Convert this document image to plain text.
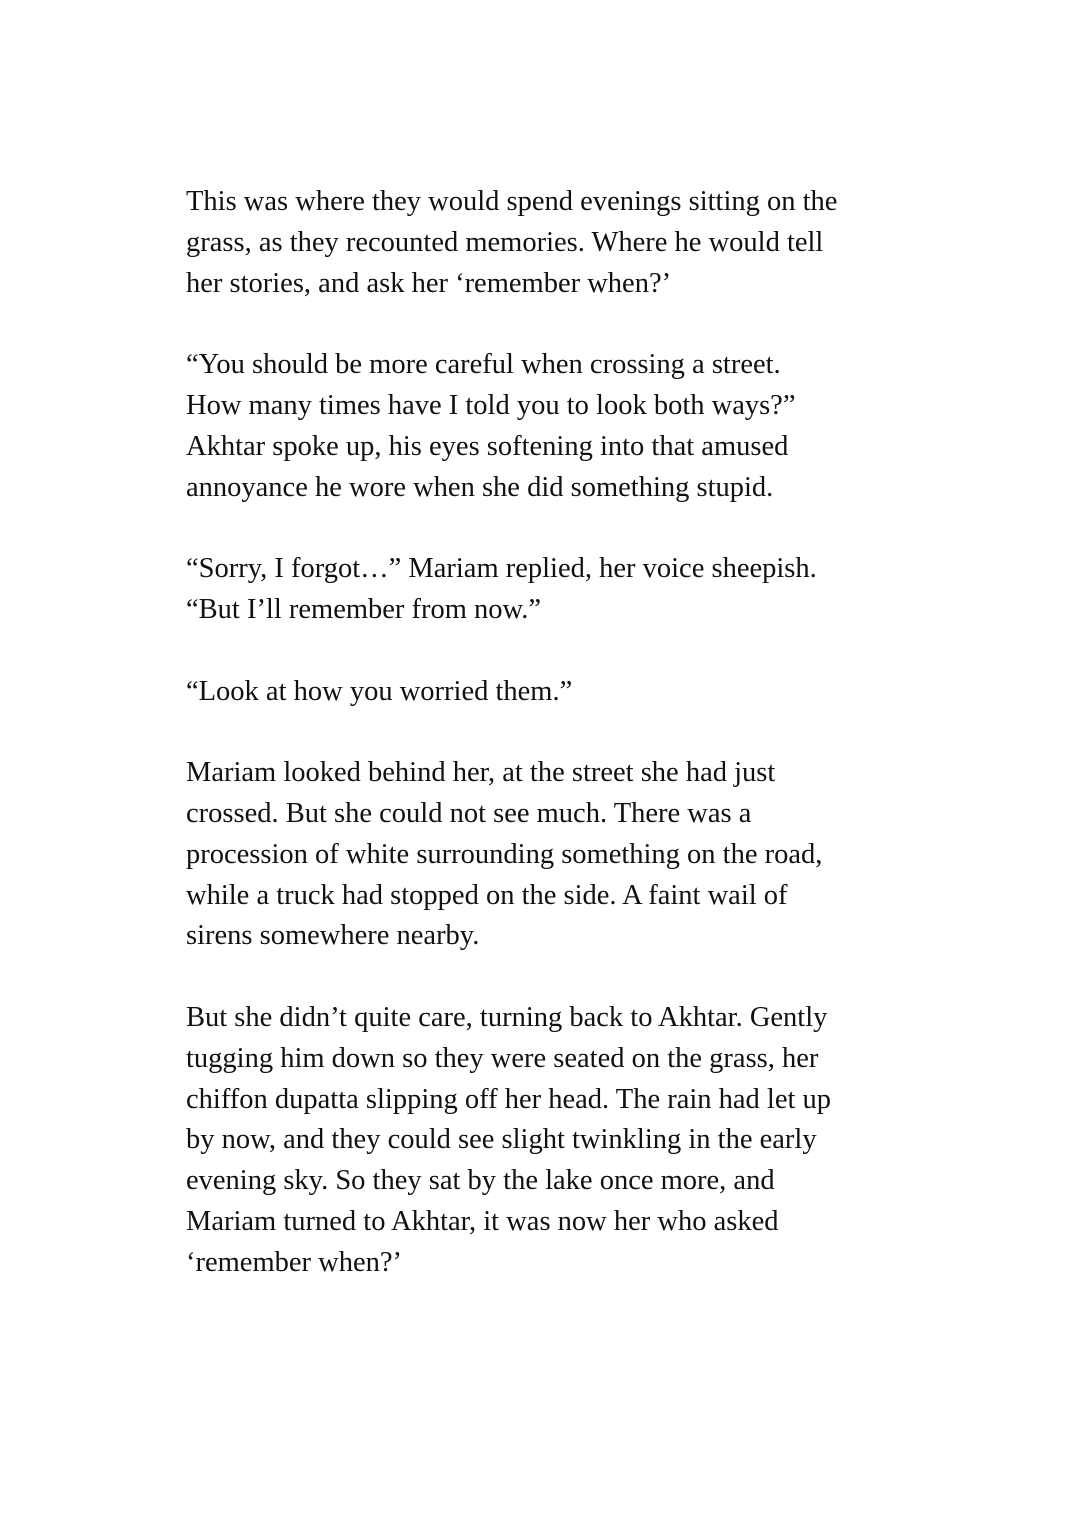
This was where they would spend evenings sitting on the
grass, as they recounted memories. Where he would tell
her stories, and ask her ‘remember when?’

“You should be more careful when crossing a street.
How many times have I told you to look both ways?”
Akhtar spoke up, his eyes softening into that amused
annoyance he wore when she did something stupid.

“Sorry, I forgot…” Mariam replied, her voice sheepish.
“But I’ll remember from now.”

“Look at how you worried them.”

Mariam looked behind her, at the street she had just
crossed. But she could not see much. There was a
procession of white surrounding something on the road,
while a truck had stopped on the side. A faint wail of
sirens somewhere nearby.

But she didn’t quite care, turning back to Akhtar. Gently
tugging him down so they were seated on the grass, her
chiffon dupatta slipping off her head. The rain had let up
by now, and they could see slight twinkling in the early
evening sky. So they sat by the lake once more, and
Mariam turned to Akhtar, it was now her who asked
‘remember when?’
